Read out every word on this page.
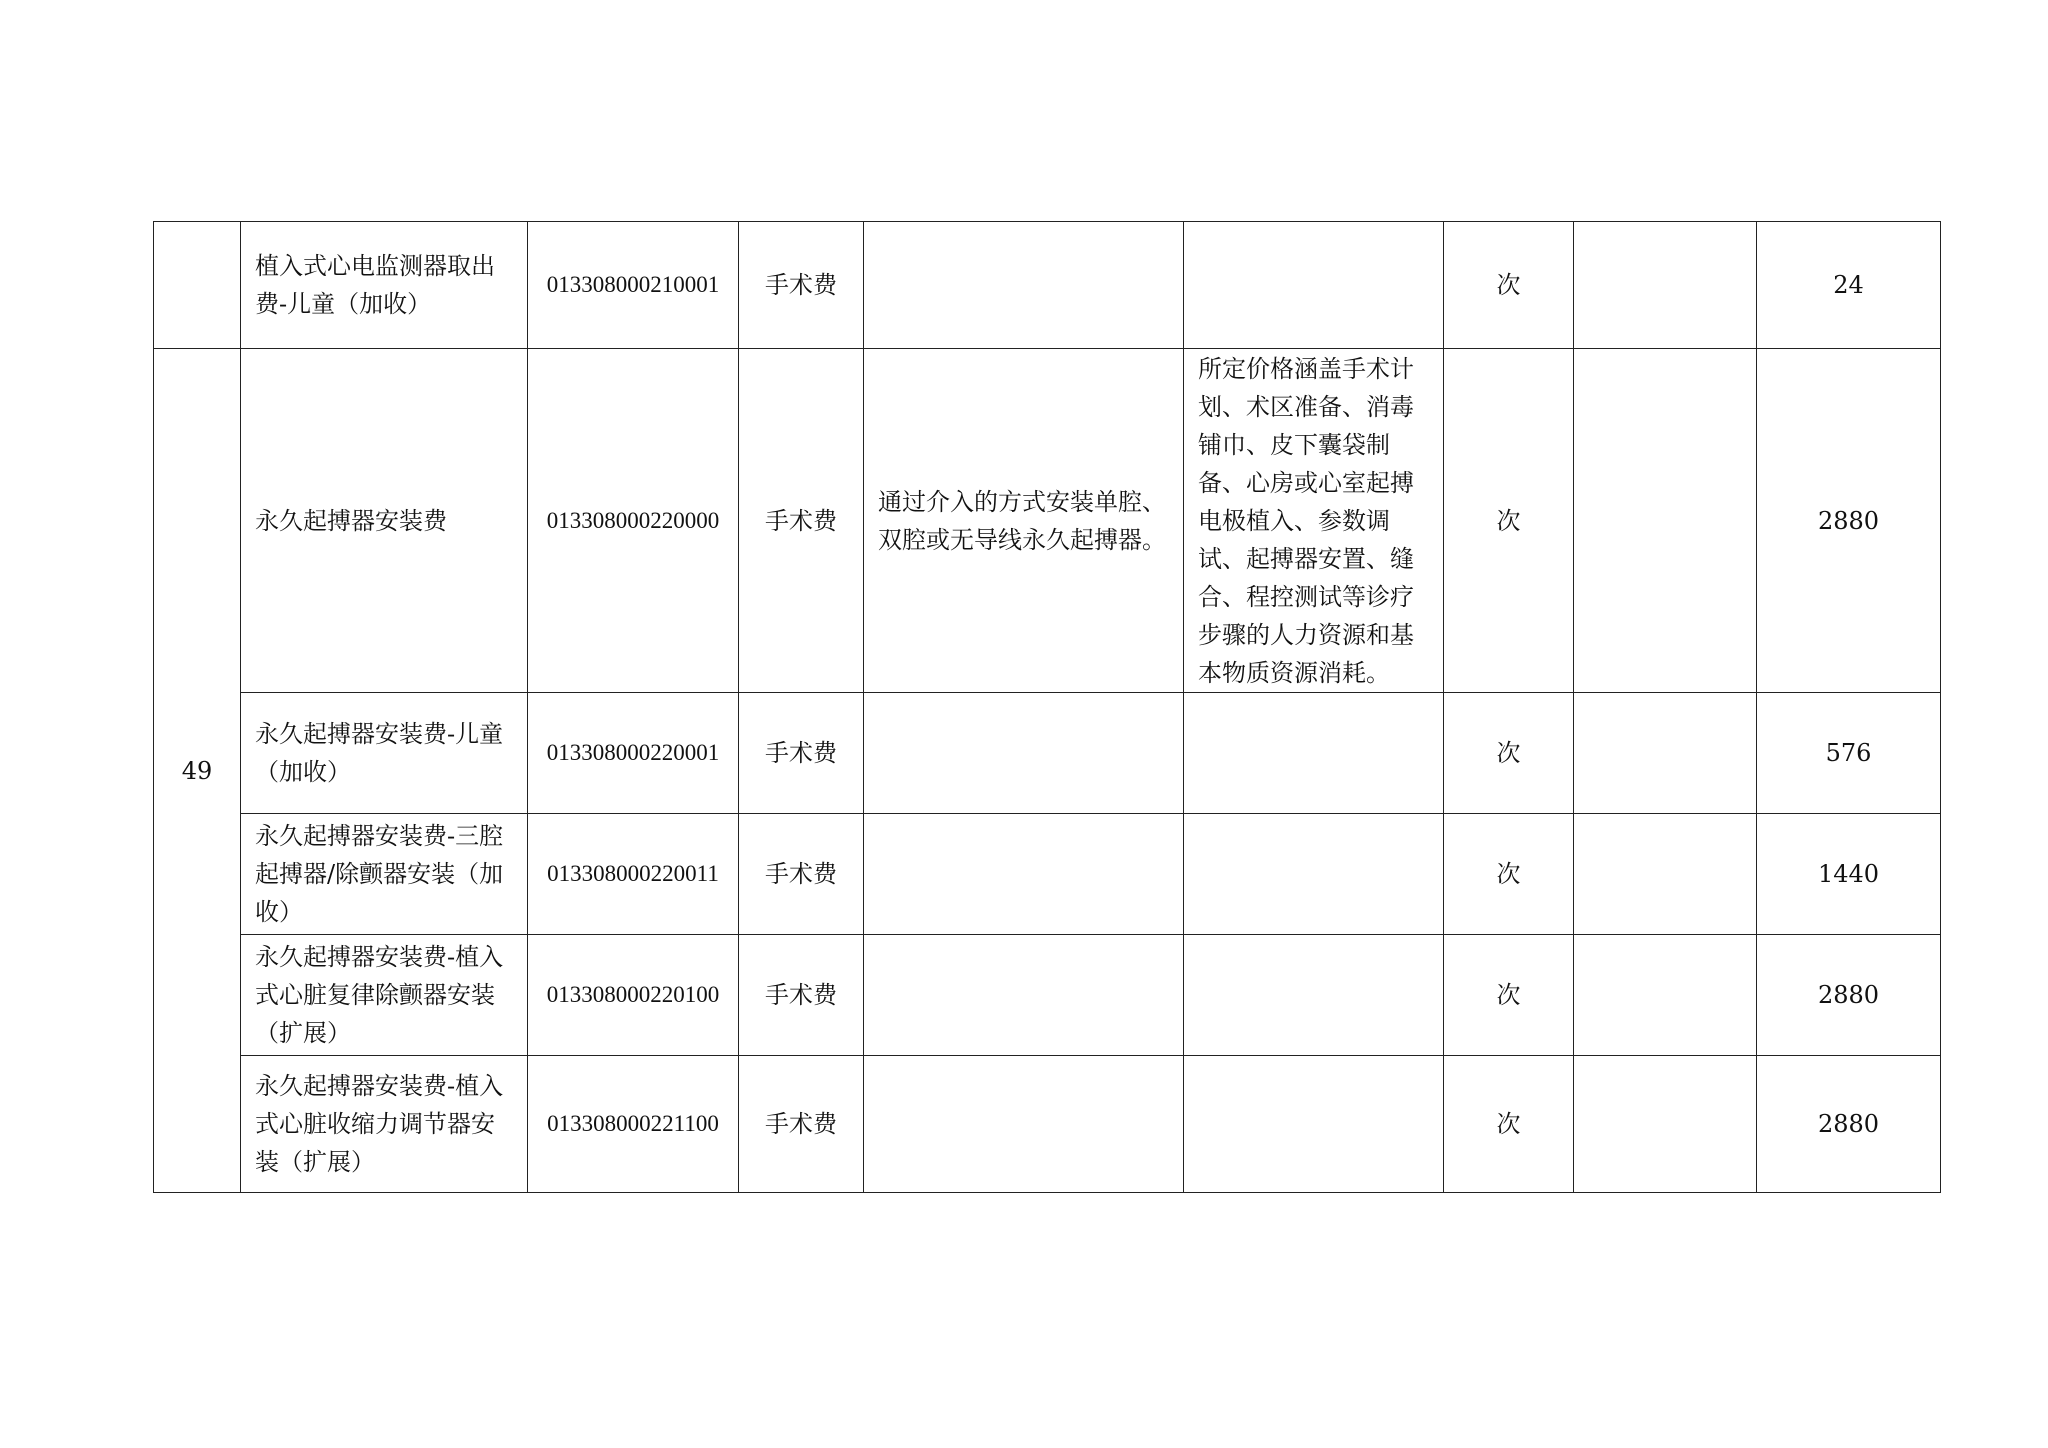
	植入式心电监测器取出费-儿童（加收）	013308000210001	手术费			次		24
49	永久起搏器安装费	013308000220000	手术费	通过介入的方式安装单腔、双腔或无导线永久起搏器。	所定价格涵盖手术计划、术区准备、消毒铺巾、皮下囊袋制备、心房或心室起搏电极植入、参数调试、起搏器安置、缝合、程控测试等诊疗步骤的人力资源和基本物质资源消耗。	次		2880
	永久起搏器安装费-儿童（加收）	013308000220001	手术费			次		576
	永久起搏器安装费-三腔起搏器/除颤器安装（加收）	013308000220011	手术费			次		1440
	永久起搏器安装费-植入式心脏复律除颤器安装（扩展）	013308000220100	手术费			次		2880
	永久起搏器安装费-植入式心脏收缩力调节器安装（扩展）	013308000221100	手术费			次		2880
